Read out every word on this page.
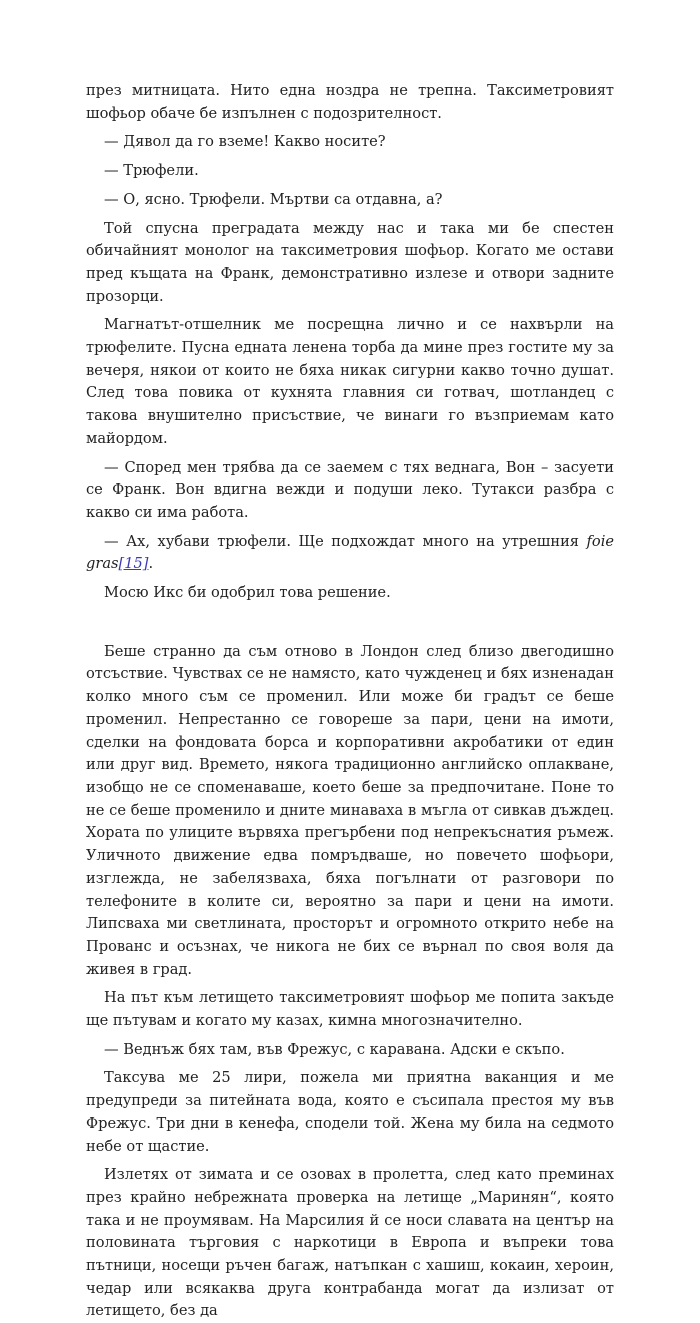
през митницата. Нито една ноздра не трепна. Таксиметровият шофьор обаче бе изпълнен с подозрителност.

— Дявол да го вземе! Какво носите?

— Трюфели.

— О, ясно. Трюфели. Мъртви са отдавна, а?

Той спусна преградата между нас и така ми бе спестен обичайният монолог на таксиметровия шофьор. Когато ме остави пред къщата на Франк, демонстративно излезе и отвори задните прозорци.

Магнатът-отшелник ме посрещна лично и се нахвърли на трюфелите. Пусна едната ленена торба да мине през гостите му за вечеря, някои от които не бяха никак сигурни какво точно душат. След това повика от кухнята главния си готвач, шотландец с такова внушително присъствие, че винаги го възприемам като майордом.

— Според мен трябва да се заемем с тях веднага, Вон – засуети се Франк. Вон вдигна вежди и подуши леко. Тутакси разбра с какво си има работа.

— Ах, хубави трюфели. Ще подхождат много на утрешния foie gras[15].

Мосю Икс би одобрил това решение.

Беше странно да съм отново в Лондон след близо двегодишно отсъствие. Чувствах се не намясто, като чужденец и бях изненадан колко много съм се променил. Или може би градът се беше променил. Непрестанно се говореше за пари, цени на имоти, сделки на фондовата борса и корпоративни акробатики от един или друг вид. Времето, някога традиционно английско оплакване, изобщо не се споменаваше, което беше за предпочитане. Поне то не се беше променило и дните минаваха в мъгла от сивкав дъждец. Хората по улиците вървяха прегърбени под непрекъснатия ръмеж. Уличното движение едва помръдваше, но повечето шофьори, изглежда, не забелязваха, бяха погълнати от разговори по телефоните в колите си, вероятно за пари и цени на имоти. Липсваха ми светлината, просторът и огромното открито небе на Прованс и осъзнах, че никога не бих се върнал по своя воля да живея в град.

На път към летището таксиметровият шофьор ме попита закъде ще пътувам и когато му казах, кимна многозначително.

— Веднъж бях там, във Фрежус, с каравана. Адски е скъпо.

Таксува ме 25 лири, пожела ми приятна ваканция и ме предупреди за питейната вода, която е съсипала престоя му във Фрежус. Три дни в кенефа, сподели той. Жена му била на седмото небе от щастие.

Излетях от зимата и се озовах в пролетта, след като преминах през крайно небрежната проверка на летище „Маринян“, която така и не проумявам. На Марсилия й се носи славата на център на половината търговия с наркотици в Европа и въпреки това пътници, носещи ръчен багаж, натъпкан с хашиш, кокаин, хероин, чедар или всякаква друга контрабанда могат да излизат от летището, без да
